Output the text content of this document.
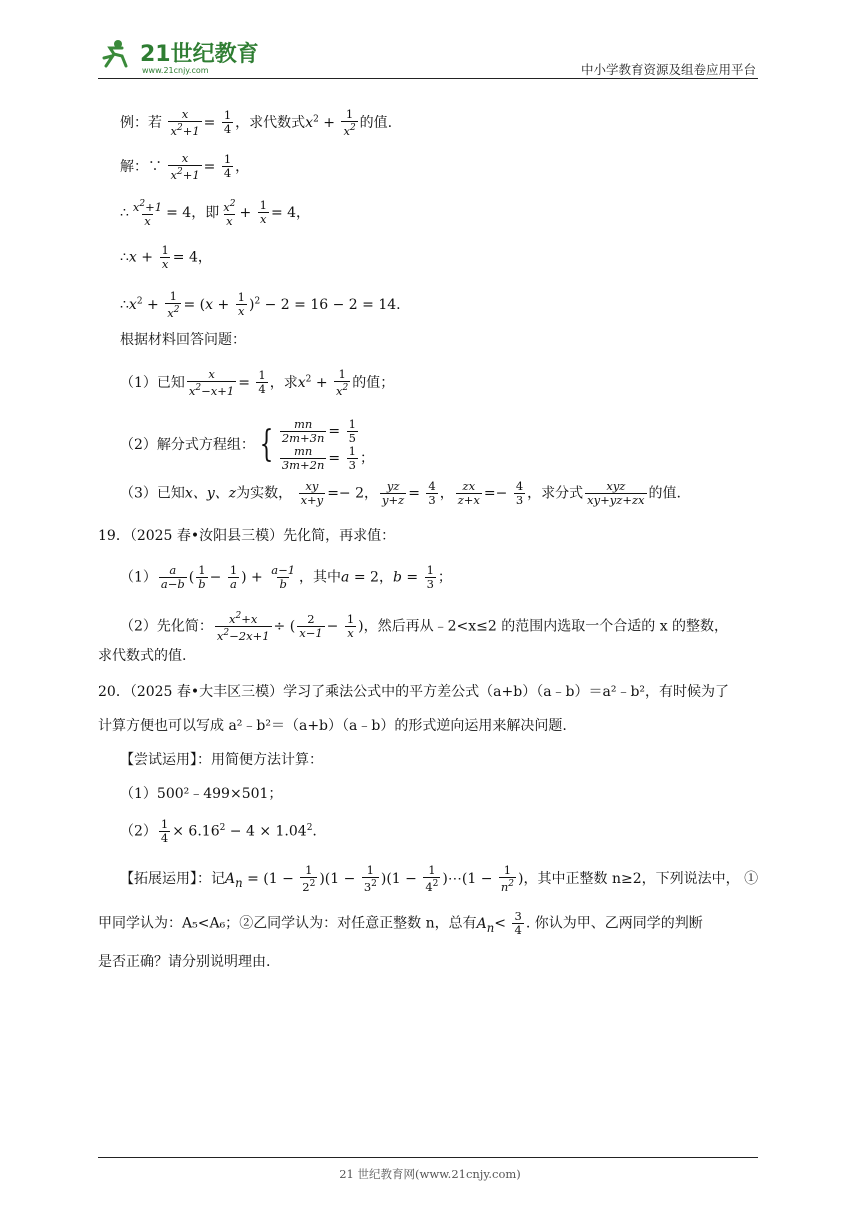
21世纪教育
www.21cnjy.com	中小学教育资源及组卷应用平台
例：若 $\frac{x}{x^2+1} = \frac{1}{4}$ ，求代数式$x^2 + \frac{1}{x^2}$ 的值.
解：∵ $\frac{x}{x^2+1} = \frac{1}{4}$ ，
∴ $\frac{x^2+1}{x} = 4$，即 $\frac{x^2}{x} + \frac{1}{x} = 4$，
∴x + $\frac{1}{x} = 4$，
$\therefore x^2 + \frac{1}{x^2} = (x + \frac{1}{x} )^2 - 2 = 16 - 2 = 14$.
根据材料回答问题：
（1）已知 $\frac{x}{x^2-x+1} = \frac{1}{4}$ ，求$x^2 + \frac{1}{x^2}$ 的值；
（2）解分式方程组： { $\frac{mn}{2m+3n} = \frac{1}{5}$
$\frac{mn}{3m+2n} = \frac{1}{3}$ ；
（3）已知x、y、z为实数， $\frac{xy}{x+y} =- 2$， $\frac{yz}{y+z} = \frac{4}{3}$ ， $\frac{zx}{z+x} =- \frac{4}{3}$ ，求分式 xyz
xy+yz+zx 的值.
19．（2025 春•汝阳县三模）先化简，再求值：
$(1) \frac{a}{a-b}$ ( $\frac{1}{b} - \frac{1}{a}$ ) + $\frac{a-1}{b}$ ，其中a = 2，$b = \frac{1}{3}$ ；
（2）先化简： $\frac{x^2+x}{x^2-2x+1}$ ÷ ( $\frac{2}{x-1} - \frac{1}{x}$ )，然后再从﹣2<x≤2 的范围内选取一个合适的 x 的整数，
求代数式的值.
20．（2025 春•大丰区三模）学习了乘法公式中的平方差公式（a+b）（a﹣b）＝a²﹣b²，有时候为了
计算方便也可以写成 a²﹣b²＝（a+b）（a﹣b）的形式逆向运用来解决问题.
【尝试运用】：用简便方法计算：
（1）500²﹣499×501；
$(2) \frac{1}{4} \times 6.16^2 - 4 \times 1.04^2$.
【拓展运用】：记$A_n = (1 - \frac{1}{2^2} )(1 - \frac{1}{3^2} )(1 - \frac{1}{4^2}$ )⋯(1 − $\frac{1}{n^2}$ )，其中正整数 n≥2，下列说法中， ①
甲同学认为：A₅<A₆；②乙同学认为：对任意正整数 n，总有$A_n< \frac{3}{4}$ . 你认为甲、乙两同学的判断
是否正确？请分别说明理由.
21 世纪教育网(www.21cnjy.com)
